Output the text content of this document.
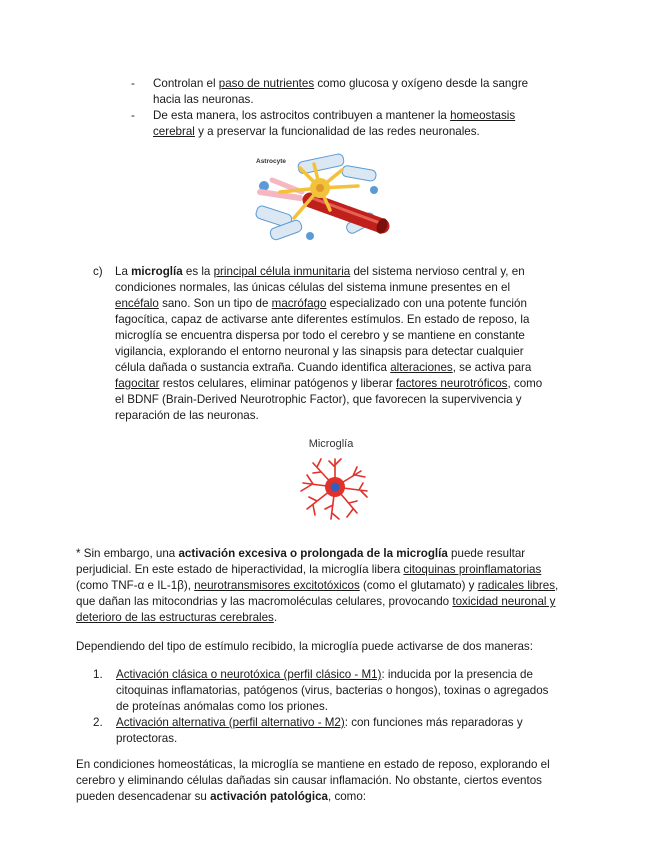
- Controlan el paso de nutrientes como glucosa y oxígeno desde la sangre hacia las neuronas.
- De esta manera, los astrocitos contribuyen a mantener la homeostasis cerebral y a preservar la funcionalidad de las redes neuronales.
Astrocyte
c) La microglía es la principal célula inmunitaria del sistema nervioso central y, en condiciones normales, las únicas células del sistema inmune presentes en el encéfalo sano. Son un tipo de macrófago especializado con una potente función fagocítica, capaz de activarse ante diferentes estímulos. En estado de reposo, la microglía se encuentra dispersa por todo el cerebro y se mantiene en constante vigilancia, explorando el entorno neuronal y las sinapsis para detectar cualquier célula dañada o sustancia extraña. Cuando identifica alteraciones, se activa para fagocitar restos celulares, eliminar patógenos y liberar factores neurotróficos, como el BDNF (Brain-Derived Neurotrophic Factor), que favorecen la supervivencia y reparación de las neuronas.
Microglía
* Sin embargo, una activación excesiva o prolongada de la microglía puede resultar perjudicial. En este estado de hiperactividad, la microglía libera citoquinas proinflamatorias (como TNF-α e IL-1β), neurotransmisores excitotóxicos (como el glutamato) y radicales libres, que dañan las mitocondrias y las macromoléculas celulares, provocando toxicidad neuronal y deterioro de las estructuras cerebrales.
Dependiendo del tipo de estímulo recibido, la microglía puede activarse de dos maneras:
1. Activación clásica o neurotóxica (perfil clásico - M1): inducida por la presencia de citoquinas inflamatorias, patógenos (virus, bacterias o hongos), toxinas o agregados de proteínas anómalas como los priones.
2. Activación alternativa (perfil alternativo - M2): con funciones más reparadoras y protectoras.
En condiciones homeostáticas, la microglía se mantiene en estado de reposo, explorando el cerebro y eliminando células dañadas sin causar inflamación. No obstante, ciertos eventos pueden desencadenar su activación patológica, como:
